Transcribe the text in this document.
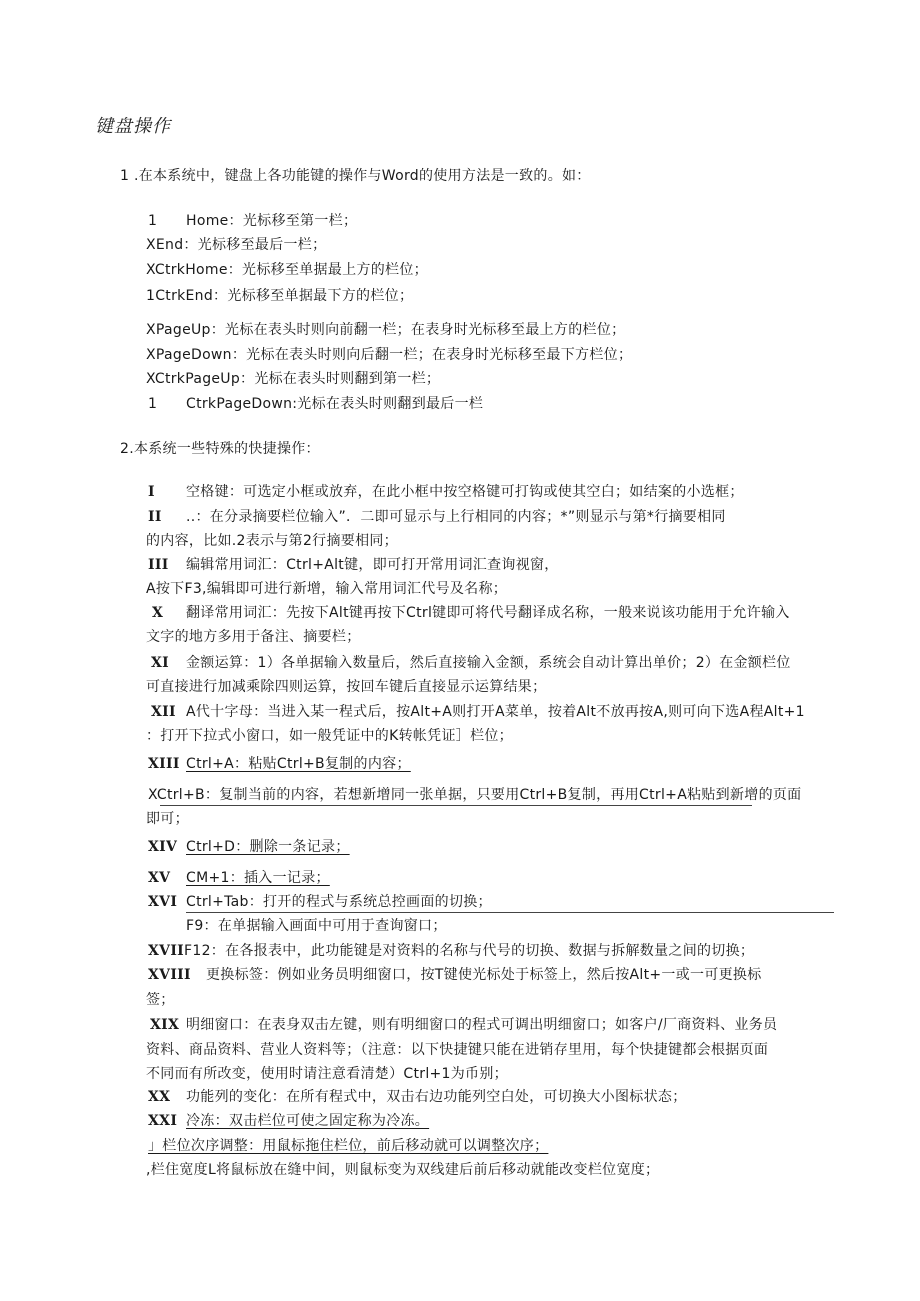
键盘操作
1 .在本系统中，键盘上各功能键的操作与Word的使用方法是一致的。如：
1 Home：光标移至第一栏；
XEnd：光标移至最后一栏；
XCtrkHome：光标移至单据最上方的栏位；
1CtrkEnd：光标移至单据最下方的栏位；
XPageUp：光标在表头时则向前翻一栏；在表身时光标移至最上方的栏位；
XPageDown：光标在表头时则向后翻一栏；在表身时光标移至最下方栏位；
XCtrkPageUp：光标在表头时则翻到第一栏；
1 CtrkPageDown:光标在表头时则翻到最后一栏
2.本系统一些特殊的快捷操作：
I 空格键：可选定小框或放弃，在此小框中按空格键可打钩或使其空白；如结案的小选框；
II ..：在分录摘要栏位输入”．二即可显示与上行相同的内容；*”则显示与第*行摘要相同
的内容，比如.2表示与第2行摘要相同；
III 编辑常用词汇：Ctrl+Alt键，即可打开常用词汇查询视窗，
A按下F3,编辑即可进行新增，输入常用词汇代号及名称；
X 翻译常用词汇：先按下Alt键再按下Ctrl键即可将代号翻译成名称，一般来说该功能用于允许输入
文字的地方多用于备注、摘要栏；
XI 金额运算：1）各单据输入数量后，然后直接输入金额，系统会自动计算出单价；2）在金额栏位
可直接进行加减乘除四则运算，按回车键后直接显示运算结果；
XII A代十字母：当进入某一程式后，按Alt+A则打开A菜单，按着Alt不放再按A,则可向下选A程Alt+1
：打开下拉式小窗口，如一般凭证中的K转帐凭证］栏位；
XIII Ctrl+A：粘贴Ctrl+B复制的内容；
XCtrl+B：复制当前的内容，若想新增同一张单据，只要用Ctrl+B复制，再用Ctrl+A粘贴到新增的页面
即可；
XIV Ctrl+D：删除一条记录；
XV CM+1：插入一记录；
XVI Ctrl+Tab：打开的程式与系统总控画面的切换；
F9：在单据输入画面中可用于查询窗口；
XVIIF12：在各报表中，此功能键是对资料的名称与代号的切换、数据与拆解数量之间的切换；
XVIII 更换标签：例如业务员明细窗口，按T键使光标处于标签上，然后按Alt+一或一可更换标
签；
XIX 明细窗口：在表身双击左键，则有明细窗口的程式可调出明细窗口；如客户/厂商资料、业务员
资料、商品资料、营业人资料等；（注意：以下快捷键只能在进销存里用，每个快捷键都会根据页面
不同而有所改变，使用时请注意看清楚）Ctrl+1为币别；
XX 功能列的变化：在所有程式中，双击右边功能列空白处，可切换大小图标状态；
XXI 冷冻：双击栏位可使之固定称为冷冻。
」栏位次序调整：用鼠标拖住栏位，前后移动就可以调整次序；
,栏住宽度L将鼠标放在缝中间，则鼠标变为双线建后前后移动就能改变栏位宽度；
